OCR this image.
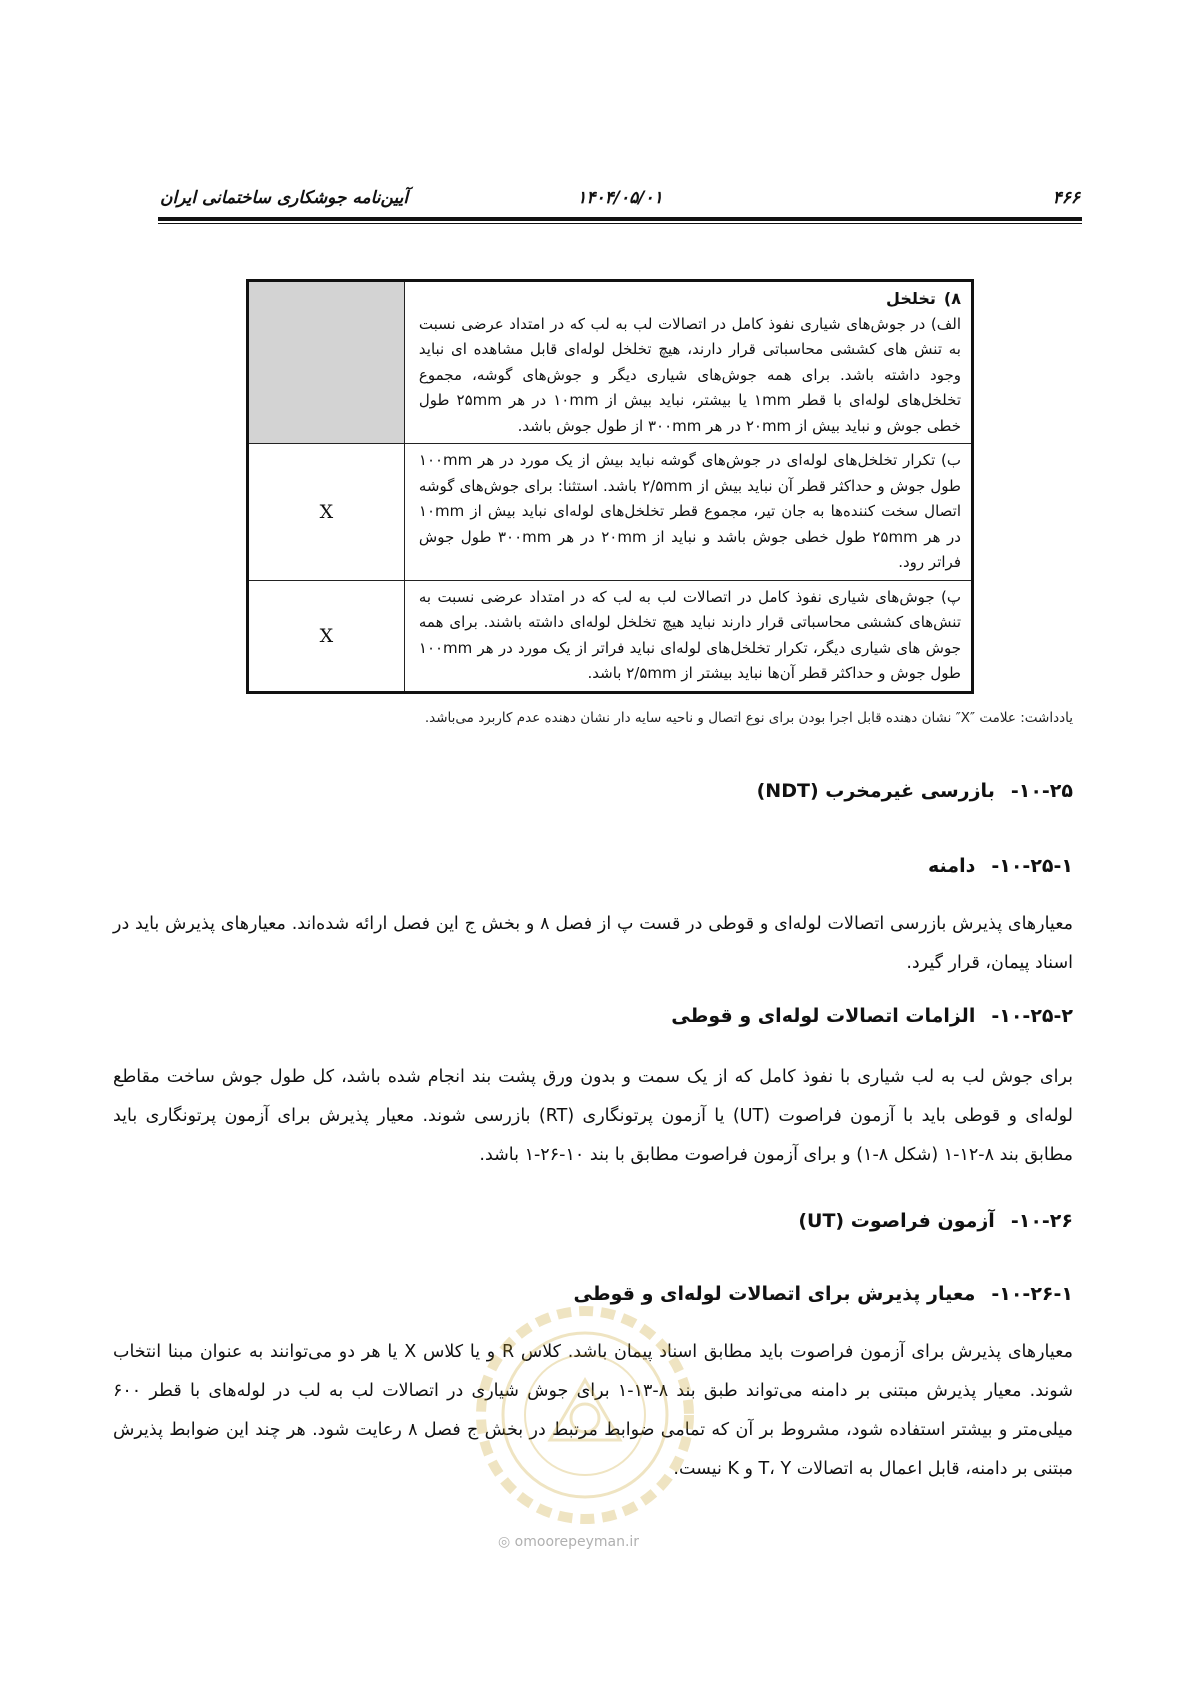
۴۶۶
۱۴۰۴/۰۵/۰۱
آیین‌نامه جوشکاری ساختمانی ایران
۸)تخلخل
الف) در جوش‌های شیاری نفوذ کامل در اتصالات لب به لب که در امتداد عرضی نسبت به تنش های کششی محاسباتی قرار دارند، هیچ تخلخل لوله‌ای قابل مشاهده ای نباید وجود داشته باشد. برای همه جوش‌های شیاری دیگر و جوش‌های گوشه، مجموع تخلخل‌های لوله‌ای با قطر ۱mm یا بیشتر، نباید بیش از ۱۰mm در هر ۲۵mm طول خطی جوش و نباید بیش از ۲۰mm در هر ۳۰۰mm از طول جوش باشد.	
ب) تکرار تخلخل‌های لوله‌ای در جوش‌های گوشه نباید بیش از یک مورد در هر ۱۰۰mm طول جوش و حداکثر قطر آن نباید بیش از ۲/۵mm باشد. استثنا: برای جوش‌های گوشه اتصال سخت کننده‌ها به جان تیر، مجموع قطر تخلخل‌های لوله‌ای نباید بیش از ۱۰mm در هر ۲۵mm طول خطی جوش باشد و نباید از ۲۰mm در هر ۳۰۰mm طول جوش فراتر رود.	X
پ) جوش‌های شیاری نفوذ کامل در اتصالات لب به لب که در امتداد عرضی نسبت به تنش‌های کششی محاسباتی قرار دارند نباید هیچ تخلخل لوله‌ای داشته باشند. برای همه جوش های شیاری دیگر، تکرار تخلخل‌های لوله‌ای نباید فراتر از یک مورد در هر ۱۰۰mm طول جوش و حداکثر قطر آن‌ها نباید بیشتر از ۲/۵mm باشد.	X
یادداشت: علامت ″X″ نشان دهنده قابل اجرا بودن برای نوع اتصال و ناحیه سایه دار نشان دهنده عدم کاربرد می‌باشد.
۱۰-۲۵-بازرسی غیرمخرب (NDT)
۱۰-۲۵-۱-دامنه
معیارهای پذیرش بازرسی اتصالات لوله‌ای و قوطی در قست پ از فصل ۸ و بخش ج این فصل ارائه شده‌اند. معیارهای پذیرش باید در اسناد پیمان، قرار گیرد.
۱۰-۲۵-۲-الزامات اتصالات لوله‌ای و قوطی
برای جوش لب به لب شیاری با نفوذ کامل که از یک سمت و بدون ورق پشت بند انجام شده باشد، کل طول جوش ساخت مقاطع لوله‌ای و قوطی باید با آزمون فراصوت (UT) یا آزمون پرتونگاری (RT) بازرسی شوند. معیار پذیرش برای آزمون پرتونگاری باید مطابق بند ۸-۱۲-۱ (شکل ۸-۱) و برای آزمون فراصوت مطابق با بند ۱۰-۲۶-۱ باشد.
۱۰-۲۶-آزمون فراصوت (UT)
۱۰-۲۶-۱-معیار پذیرش برای اتصالات لوله‌ای و قوطی
معیارهای پذیرش برای آزمون فراصوت باید مطابق اسناد پیمان باشد. کلاس R و یا کلاس X یا هر دو می‌توانند به عنوان مبنا انتخاب شوند. معیار پذیرش مبتنی بر دامنه می‌تواند طبق بند ۸-۱۳-۱ برای جوش شیاری در اتصالات لب به لب در لوله‌های با قطر ۶۰۰ میلی‌متر و بیشتر استفاده شود، مشروط بر آن که تمامی ضوابط مرتبط در بخش ج فصل ۸ رعایت شود. هر چند این ضوابط پذیرش مبتنی بر دامنه، قابل اعمال به اتصالات T، Y و K نیست.
◎ omoorepeyman.ir
